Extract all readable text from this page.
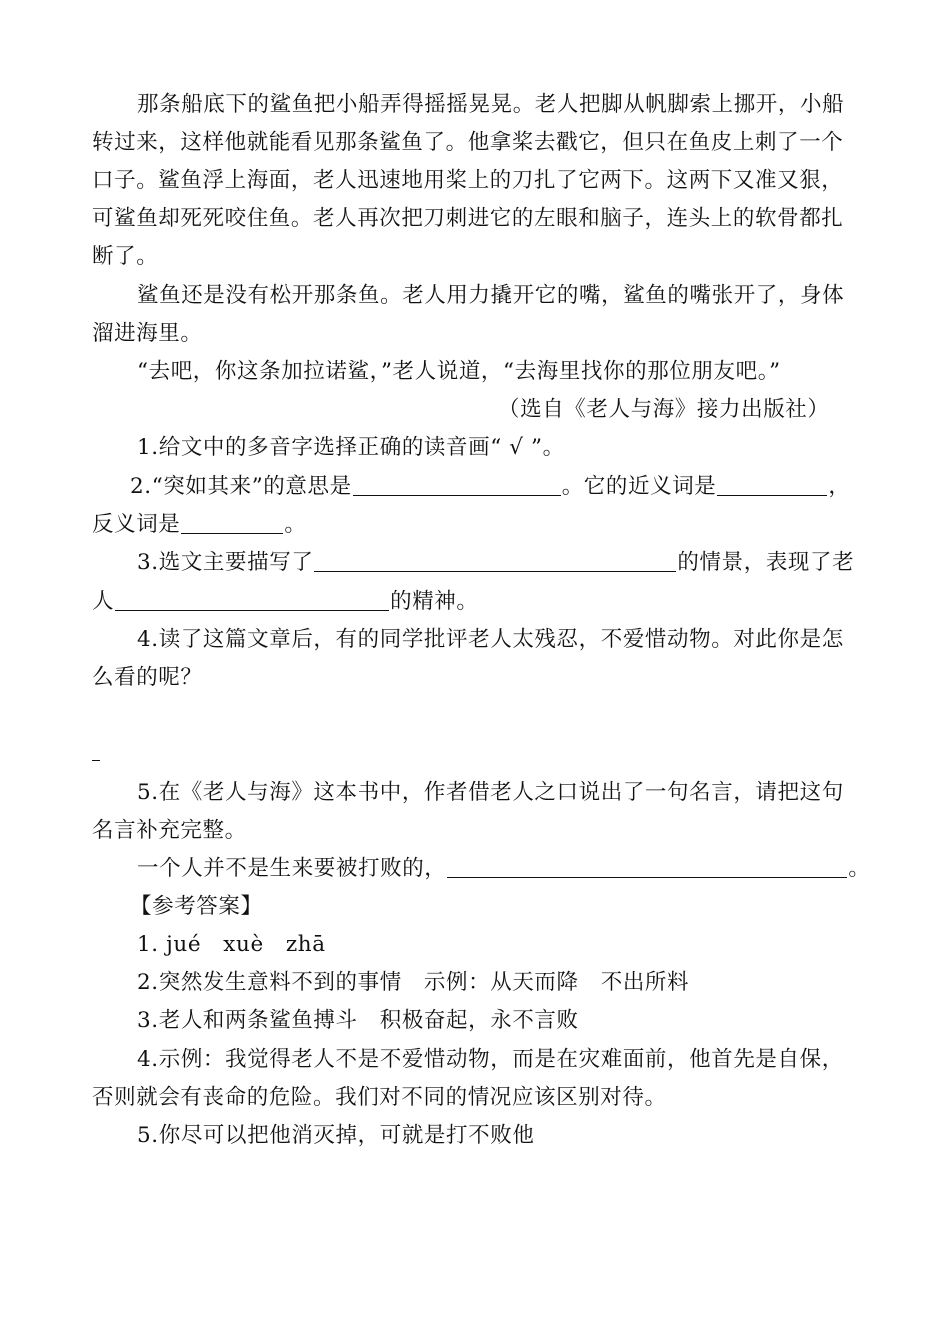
那条船底下的鲨鱼把小船弄得摇摇晃晃。老人把脚从帆脚索上挪开，小船
转过来，这样他就能看见那条鲨鱼了。他拿桨去戳它，但只在鱼皮上刺了一个
口子。鲨鱼浮上海面，老人迅速地用桨上的刀扎了它两下。这两下又准又狠，
可鲨鱼却死死咬住鱼。老人再次把刀刺进它的左眼和脑子，连头上的软骨都扎
断了。
鲨鱼还是没有松开那条鱼。老人用力撬开它的嘴，鲨鱼的嘴张开了，身体
溜进海里。
“去吧，你这条加拉诺鲨，”老人说道，“去海里找你的那位朋友吧。”
（选自《老人与海》接力出版社）
1.给文中的多音字选择正确的读音画“ √ ”。
2.“突如其来”的意思是	。它的近义词是	，
反义词是	。
3.选文主要描写了	的情景，表现了老
人	的精神。
4.读了这篇文章后，有的同学批评老人太残忍，不爱惜动物。对此你是怎
么看的呢？
5.在《老人与海》这本书中，作者借老人之口说出了一句名言，请把这句
名言补充完整。
一个人并不是生来要被打败的，	。
【参考答案】
1. jué　xuè　zhā
2.突然发生意料不到的事情　示例：从天而降　不出所料
3.老人和两条鲨鱼搏斗　积极奋起，永不言败
4.示例：我觉得老人不是不爱惜动物，而是在灾难面前，他首先是自保，
否则就会有丧命的危险。我们对不同的情况应该区别对待。
5.你尽可以把他消灭掉，可就是打不败他
